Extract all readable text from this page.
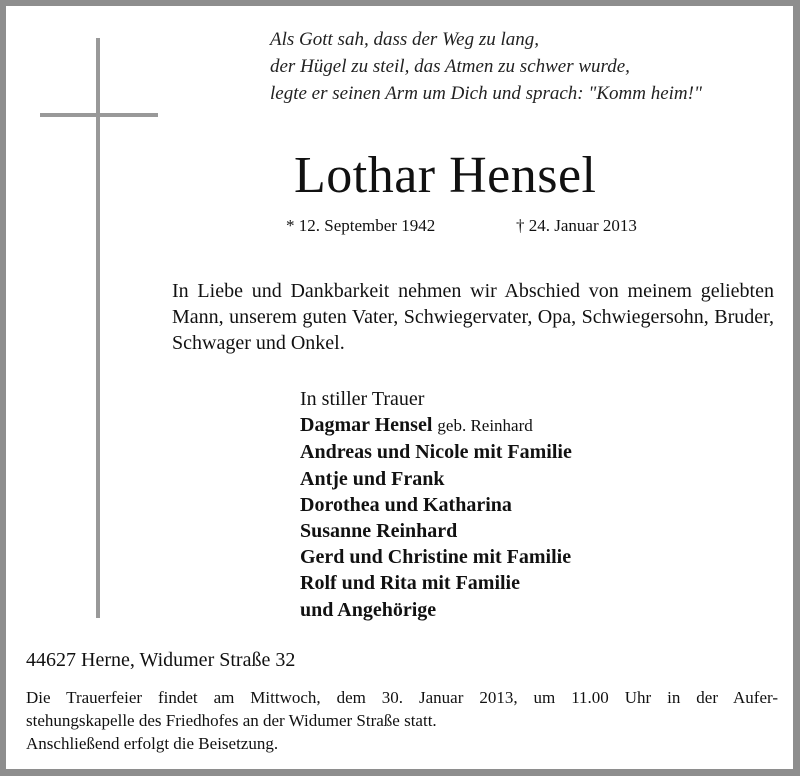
Als Gott sah, dass der Weg zu lang,
der Hügel zu steil, das Atmen zu schwer wurde,
legte er seinen Arm um Dich und sprach: "Komm heim!"
Lothar Hensel
* 12. September 1942	† 24. Januar 2013
In Liebe und Dankbarkeit nehmen wir Abschied von meinem geliebten Mann, unserem guten Vater, Schwiegervater, Opa, Schwiegersohn, Bruder, Schwager und Onkel.
In stiller Trauer
Dagmar Hensel geb. Reinhard
Andreas und Nicole mit Familie
Antje und Frank
Dorothea und Katharina
Susanne Reinhard
Gerd und Christine mit Familie
Rolf und Rita mit Familie
und Angehörige
44627 Herne, Widumer Straße 32
Die Trauerfeier findet am Mittwoch, dem 30. Januar 2013, um 11.00 Uhr in der Aufer-
stehungskapelle des Friedhofes an der Widumer Straße statt.
Anschließend erfolgt die Beisetzung.
